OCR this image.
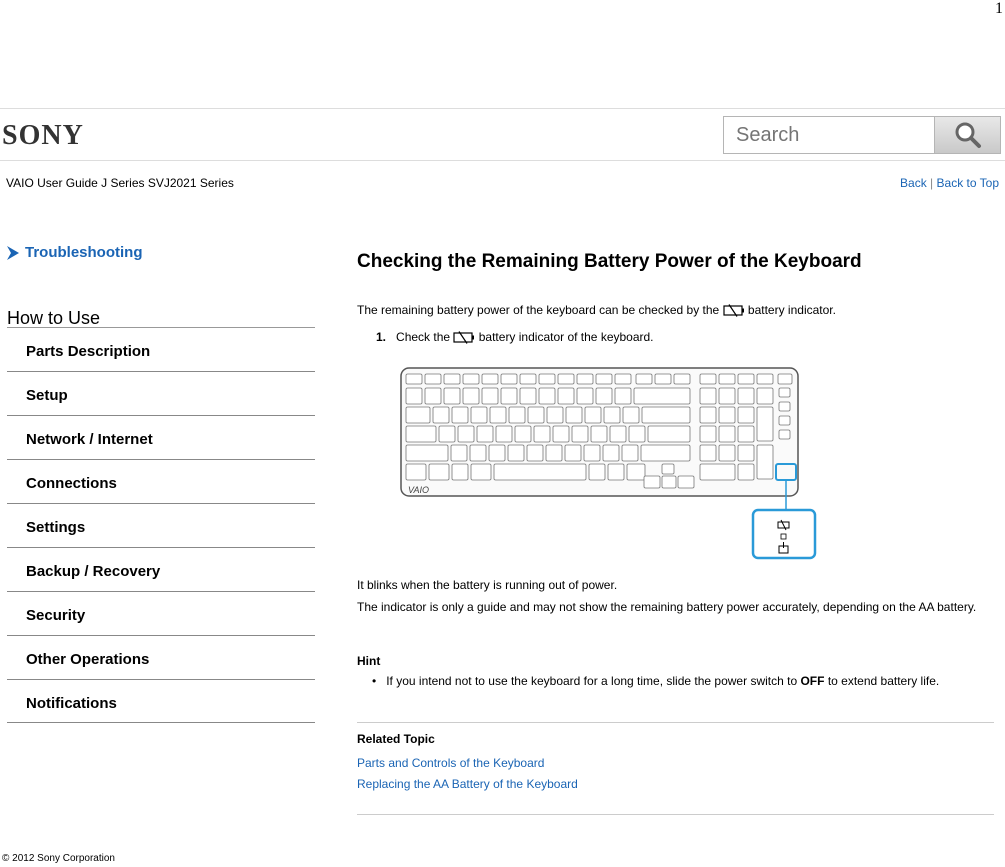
1
SONY
Search
VAIO User Guide J Series SVJ2021 Series	Back | Back to Top
Troubleshooting
How to Use
Parts Description
Setup
Network / Internet
Connections
Settings
Backup / Recovery
Security
Other Operations
Notifications
Checking the Remaining Battery Power of the Keyboard
The remaining battery power of the keyboard can be checked by the battery indicator.
1. Check the battery indicator of the keyboard.
VAIO
It blinks when the battery is running out of power.
The indicator is only a guide and may not show the remaining battery power accurately, depending on the AA battery.
Hint
• If you intend not to use the keyboard for a long time, slide the power switch to OFF to extend battery life.
Related Topic
Parts and Controls of the Keyboard
Replacing the AA Battery of the Keyboard
© 2012 Sony Corporation
